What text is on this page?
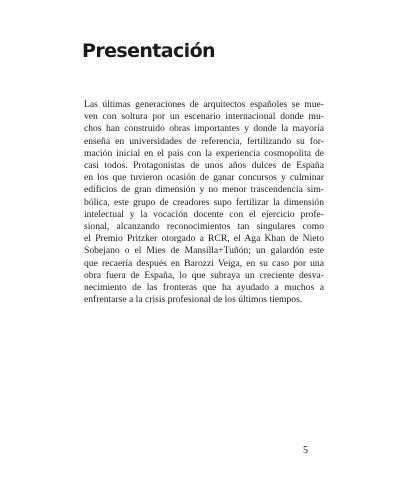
Presentación

Las últimas generaciones de arquitectos españoles se mue-
ven con soltura por un escenario internacional donde mu-
chos han construido obras importantes y donde la mayoría
enseña en universidades de referencia, fertilizando su for-
mación inicial en el país con la experiencia cosmopolita de
casi todos. Protagonistas de unos años dulces de España
en los que tuvieron ocasión de ganar concursos y culminar
edificios de gran dimensión y no menor trascendencia sim-
bólica, este grupo de creadores supo fertilizar la dimensión
intelectual y la vocación docente con el ejercicio profe-
sional, alcanzando reconocimientos tan singulares como
el Premio Pritzker otorgado a RCR, el Aga Khan de Nieto
Sobejano o el Mies de Mansilla+Tuñón; un galardón este
que recaería después en Barozzi Veiga, en su caso por una
obra fuera de España, lo que subraya un creciente desva-
necimiento de las fronteras que ha ayudado a muchos a
enfrentarse a la crisis profesional de los últimos tiempos.

5
